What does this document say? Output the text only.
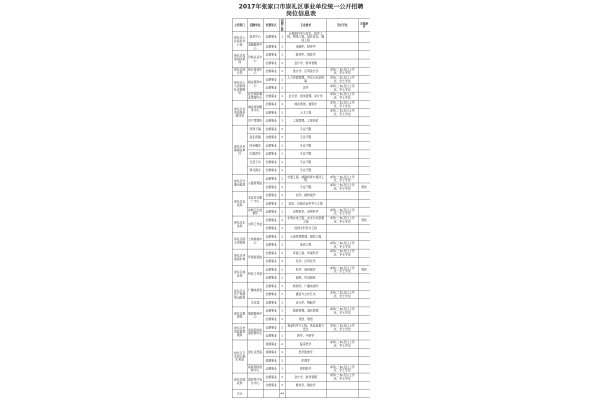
2017年张家口市崇礼区事业单位统一公开招聘
岗位信息表
主管部门	招聘单位	经费形式	招聘人数	专业要求	学历学位	其他条件
崇礼区人民政府办公室	信息中心	全额事业	1	计算机科学与技术、软件工程、网络工程、信息安全、通信工程		
	金融服务中心	全额事业	1	金融学、经济学		
崇礼区发展和改革局	价格认证中心	全额事业	1	经济学、财政学		
		全额事业	1	会计学、财务管理		
崇礼区统计局	统计普查中心	全额事业	1	统计学、应用统计学	本科(二本)及以上学历，学士学位	
崇礼区人力资源和社会保障局	就业服务中心	全额事业	1	人力资源管理、劳动与社会保障	本科(二本)及以上学历，学士学位	
		全额事业	1	法学	本科(二本)及以上学历，学士学位	
	社会保险事业管理中心	全额事业	1	会计学、财务管理、审计学	本科(二本)及以上学历，学士学位	
崇礼区住房和城乡建设局	城乡规划服务中心	全额事业	1	城乡规划、建筑学	本科(二本)及以上学历，学士学位	
		全额事业	1	土木工程	本科(二本)及以上学历，学士学位	
	房产管理所	全额事业	1	工程管理、工程造价		
崇礼区乡镇事业单位	西湾子镇	全额事业	1	专业不限		
	高家营镇	全额事业	1	专业不限		
	四台嘴乡	全额事业	1	专业不限		
	红旗营乡	全额事业	1	专业不限		
	石窑子乡	全额事业	1	专业不限		
	驿马图乡	全额事业	1	专业不限		
崇礼区交通运输局	公路管理站	全额事业	1	交通工程、道路桥梁与渡河工程	本科(二本)及以上学历，学士学位	
		全额事业	1	专业不限	本科(二本)及以上学历，学士学位	男性
崇礼区农牧局	农业技术推广中心	全额事业	1	农学、植物保护		
		全额事业	1	园艺、设施农业科学与工程		
	动物卫生监督所	全额事业	1	动物医学、动物科学	本科(二本)及以上学历，学士学位	
崇礼区水务局	水利工作站	全额事业	1	水利水电工程、水文与水资源工程	本科(二本)及以上学历，学士学位	男性
		全额事业	1	给排水科学与工程		
崇礼区国土资源局	土地储备中心	全额事业	1	土地资源管理、测绘工程		
		全额事业	1	地质工程	本科(二本)及以上学历，学士学位	
崇礼区环境保护局	环境监测站	全额事业	1	环境工程、环境科学	本科(二本)及以上学历，学士学位	
		全额事业	1	化学、应用化学		
崇礼区林业局	林业工作站	全额事业	1	林学、森林保护	本科(二本)及以上学历，学士学位	男性
		全额事业	1	园林、风景园林		
崇礼区文化广电新闻出版局	广播电视台	全额事业	1	新闻学、广播电视学		
		全额事业	1	播音与主持艺术	本科(二本)及以上学历，学士学位	
	文化馆	全额事业	1	音乐学、舞蹈学		
崇礼区旅游局	旅游服务中心	全额事业	1	旅游管理、酒店管理	本科(二本)及以上学历，学士学位	
		全额事业	1	英语、俄语		
崇礼区市场监督管理局	食品药品检验检测中心	全额事业	1	食品科学与工程、食品质量与安全	本科(二本)及以上学历，学士学位	
		全额事业	1	药学、中药学		
崇礼区卫生和计划生育局	崇礼区医院	差额事业	2	临床医学	本科(二本)及以上学历，学士学位	
		差额事业	1	医学影像学		
		差额事业	1	护理学		
	疾病预防控制中心	全额事业	1	预防医学	本科(二本)及以上学历，学士学位	
崇礼区财政局	国库集中支付中心	全额事业	1	会计学、财务管理	本科(二本)及以上学历，学士学位	
		全额事业	1	财政学、税收学		
合计			44			
